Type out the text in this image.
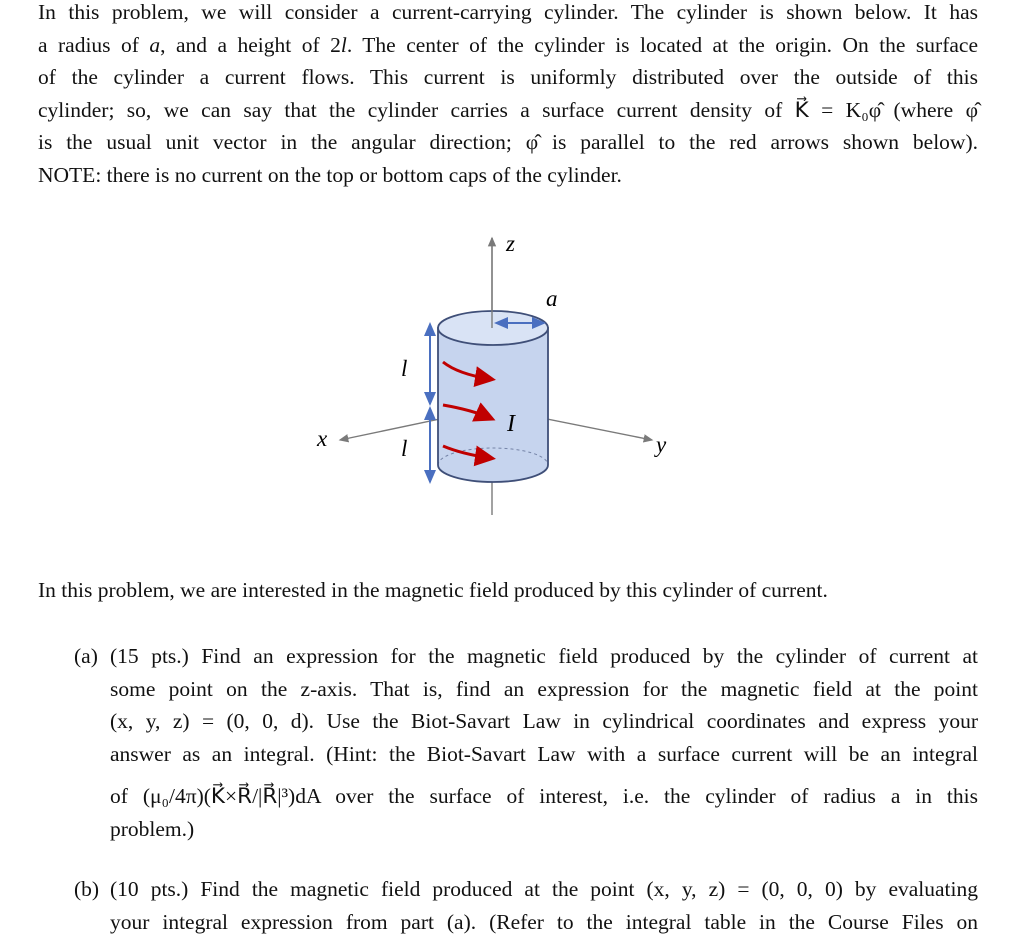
In this problem, we will consider a current-carrying cylinder. The cylinder is shown below. It has
a radius of a, and a height of 2l. The center of the cylinder is located at the origin. On the surface
of the cylinder a current flows. This current is uniformly distributed over the outside of this
cylinder; so, we can say that the cylinder carries a surface current density of K⃗ = K₀φ̂ (where φ̂
is the usual unit vector in the angular direction; φ̂ is parallel to the red arrows shown below).
NOTE: there is no current on the top or bottom caps of the cylinder.
z
y
x
a
l
l
I
In this problem, we are interested in the magnetic field produced by this cylinder of current.
(a) (15 pts.) Find an expression for the magnetic field produced by the cylinder of current at
some point on the z-axis. That is, find an expression for the magnetic field at the point
(x, y, z) = (0, 0, d). Use the Biot-Savart Law in cylindrical coordinates and express your
answer as an integral. (Hint: the Biot-Savart Law with a surface current will be an integral
of (μ₀/4π)(K⃗×R⃗/|R⃗|³)dA over the surface of interest, i.e. the cylinder of radius a in this
problem.)
(b) (10 pts.) Find the magnetic field produced at the point (x, y, z) = (0, 0, 0) by evaluating
your integral expression from part (a). (Refer to the integral table in the Course Files on
